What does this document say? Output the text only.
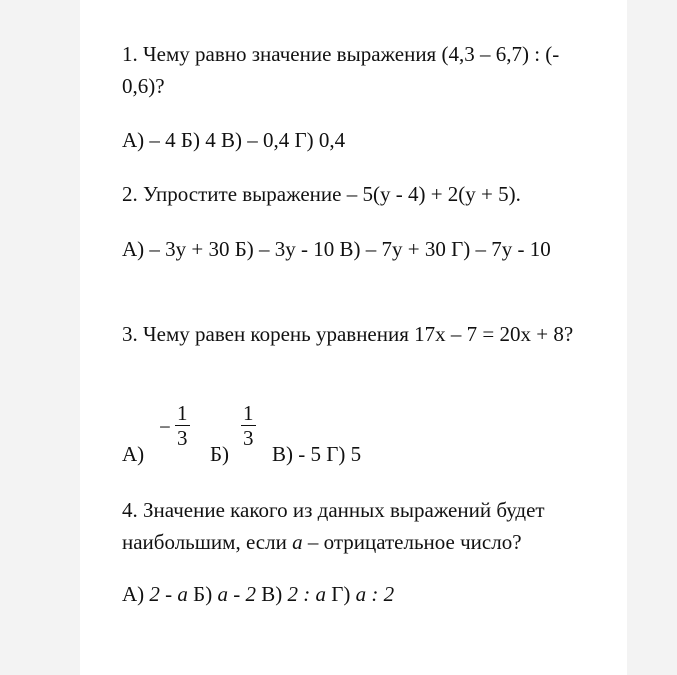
1. Чему равно значение выражения (4,3 – 6,7) : (- 0,6)?
А) – 4 Б) 4 В) – 0,4 Г) 0,4
2. Упростите выражение – 5(y - 4) + 2(y + 5).
А) – 3y + 30 Б) – 3y - 10 В) – 7y + 30 Г) – 7y - 10
3. Чему равен корень уравнения 17x – 7 = 20x + 8?
А)
−
1
3
Б)
1
3
В) - 5 Г) 5
4. Значение какого из данных выражений будет наибольшим, если a – отрицательное число?
А) 2 - a Б) a - 2 В) 2 : a Г) a : 2
